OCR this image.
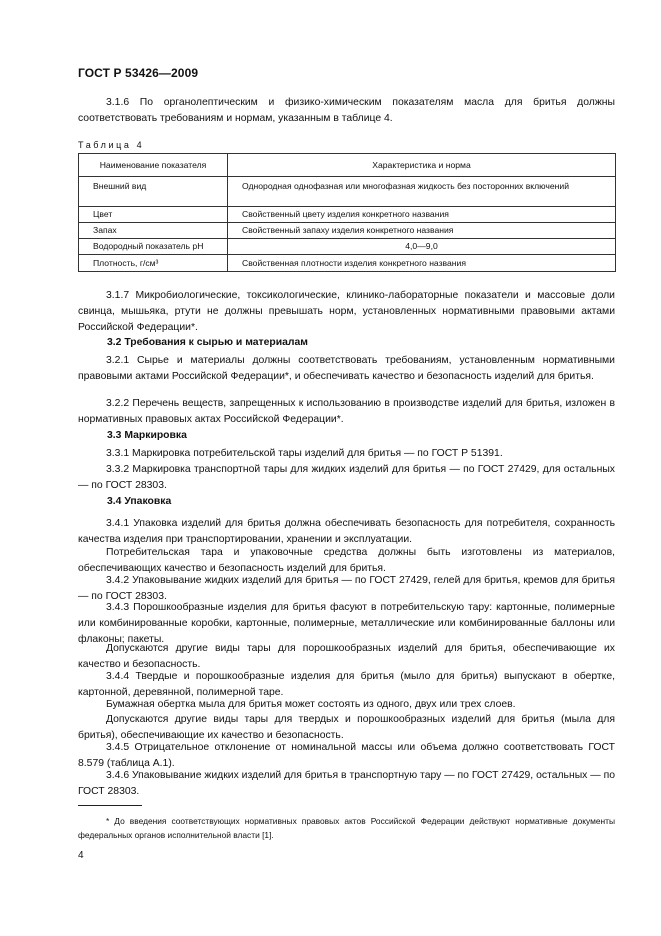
ГОСТ Р 53426—2009

3.1.6 По органолептическим и физико-химическим показателям масла для бритья должны соответствовать требованиям и нормам, указанным в таблице 4.

Таблица 4
Наименование показателя	Характеристика и норма
Внешний вид	Однородная однофазная или многофазная жидкость без посторонних включений
Цвет	Свойственный цвету изделия конкретного названия
Запах	Свойственный запаху изделия конкретного названия
Водородный показатель pH	4,0—9,0
Плотность, г/см³	Свойственная плотности изделия конкретного названия

3.1.7 Микробиологические, токсикологические, клинико-лабораторные показатели и массовые доли свинца, мышьяка, ртути не должны превышать норм, установленных нормативными правовыми актами Российской Федерации*.

3.2 Требования к сырью и материалам

3.2.1 Сырье и материалы должны соответствовать требованиям, установленным нормативными правовыми актами Российской Федерации*, и обеспечивать качество и безопасность изделий для бритья.

3.2.2 Перечень веществ, запрещенных к использованию в производстве изделий для бритья, изложен в нормативных правовых актах Российской Федерации*.

3.3 Маркировка

3.3.1 Маркировка потребительской тары изделий для бритья — по ГОСТ Р 51391.

3.3.2 Маркировка транспортной тары для жидких изделий для бритья — по ГОСТ 27429, для остальных — по ГОСТ 28303.

3.4 Упаковка

3.4.1 Упаковка изделий для бритья должна обеспечивать безопасность для потребителя, сохранность качества изделия при транспортировании, хранении и эксплуатации.

Потребительская тара и упаковочные средства должны быть изготовлены из материалов, обеспечивающих качество и безопасность изделий для бритья.

3.4.2 Упаковывание жидких изделий для бритья — по ГОСТ 27429, гелей для бритья, кремов для бритья — по ГОСТ 28303.

3.4.3 Порошкообразные изделия для бритья фасуют в потребительскую тару: картонные, полимерные или комбинированные коробки, картонные, полимерные, металлические или комбинированные баллоны или флаконы; пакеты.

Допускаются другие виды тары для порошкообразных изделий для бритья, обеспечивающие их качество и безопасность.

3.4.4 Твердые и порошкообразные изделия для бритья (мыло для бритья) выпускают в обертке, картонной, деревянной, полимерной таре.

Бумажная обертка мыла для бритья может состоять из одного, двух или трех слоев.

Допускаются другие виды тары для твердых и порошкообразных изделий для бритья (мыла для бритья), обеспечивающие их качество и безопасность.

3.4.5 Отрицательное отклонение от номинальной массы или объема должно соответствовать ГОСТ 8.579 (таблица А.1).

3.4.6 Упаковывание жидких изделий для бритья в транспортную тару — по ГОСТ 27429, остальных — по ГОСТ 28303.

* До введения соответствующих нормативных правовых актов Российской Федерации действуют нормативные документы федеральных органов исполнительной власти [1].

4
